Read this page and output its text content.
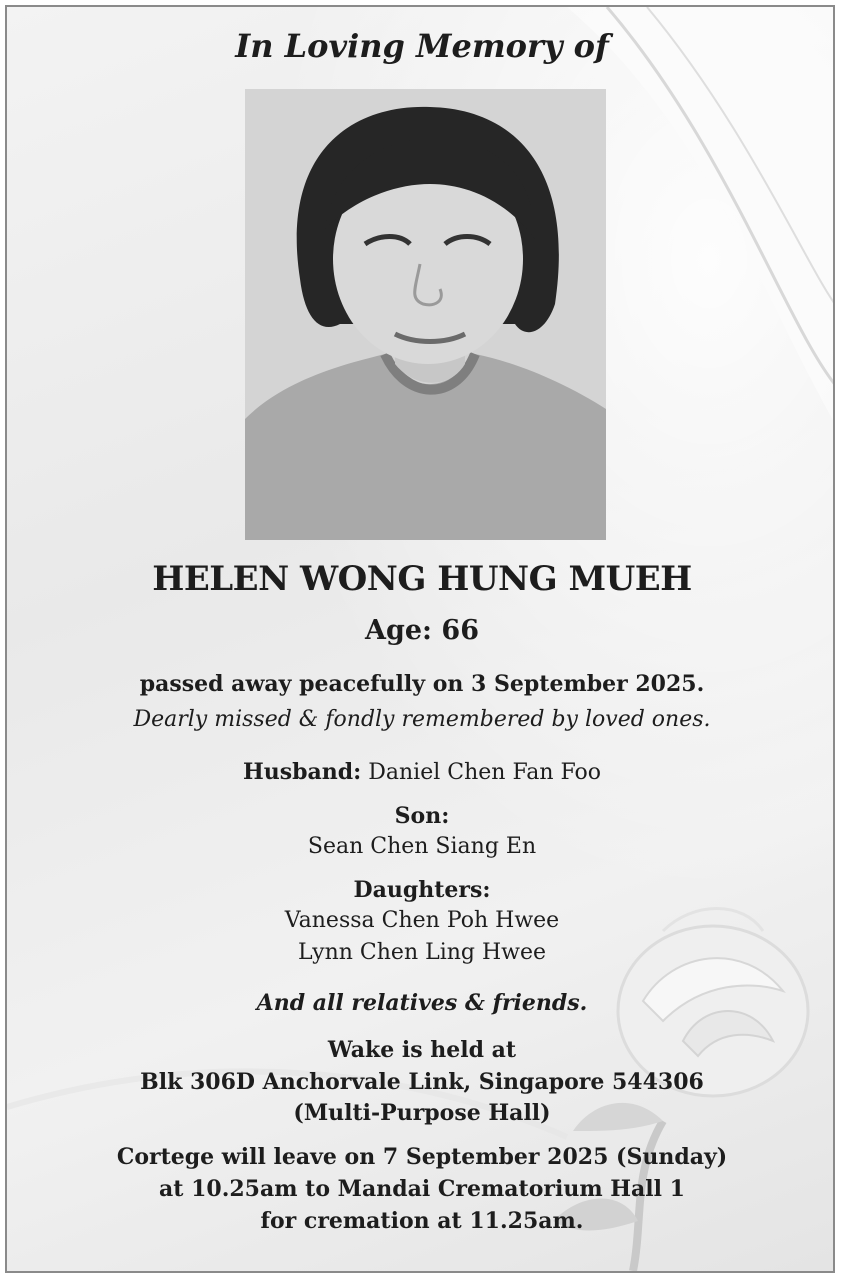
In Loving Memory of
HELEN WONG HUNG MUEH
Age: 66
passed away peacefully on 3 September 2025.
Dearly missed & fondly remembered by loved ones.
Husband: Daniel Chen Fan Foo
Son:
Sean Chen Siang En
Daughters:
Vanessa Chen Poh Hwee
Lynn Chen Ling Hwee
And all relatives & friends.
Wake is held at
Blk 306D Anchorvale Link, Singapore 544306
(Multi-Purpose Hall)
Cortege will leave on 7 September 2025 (Sunday)
at 10.25am to Mandai Crematorium Hall 1
for cremation at 11.25am.
